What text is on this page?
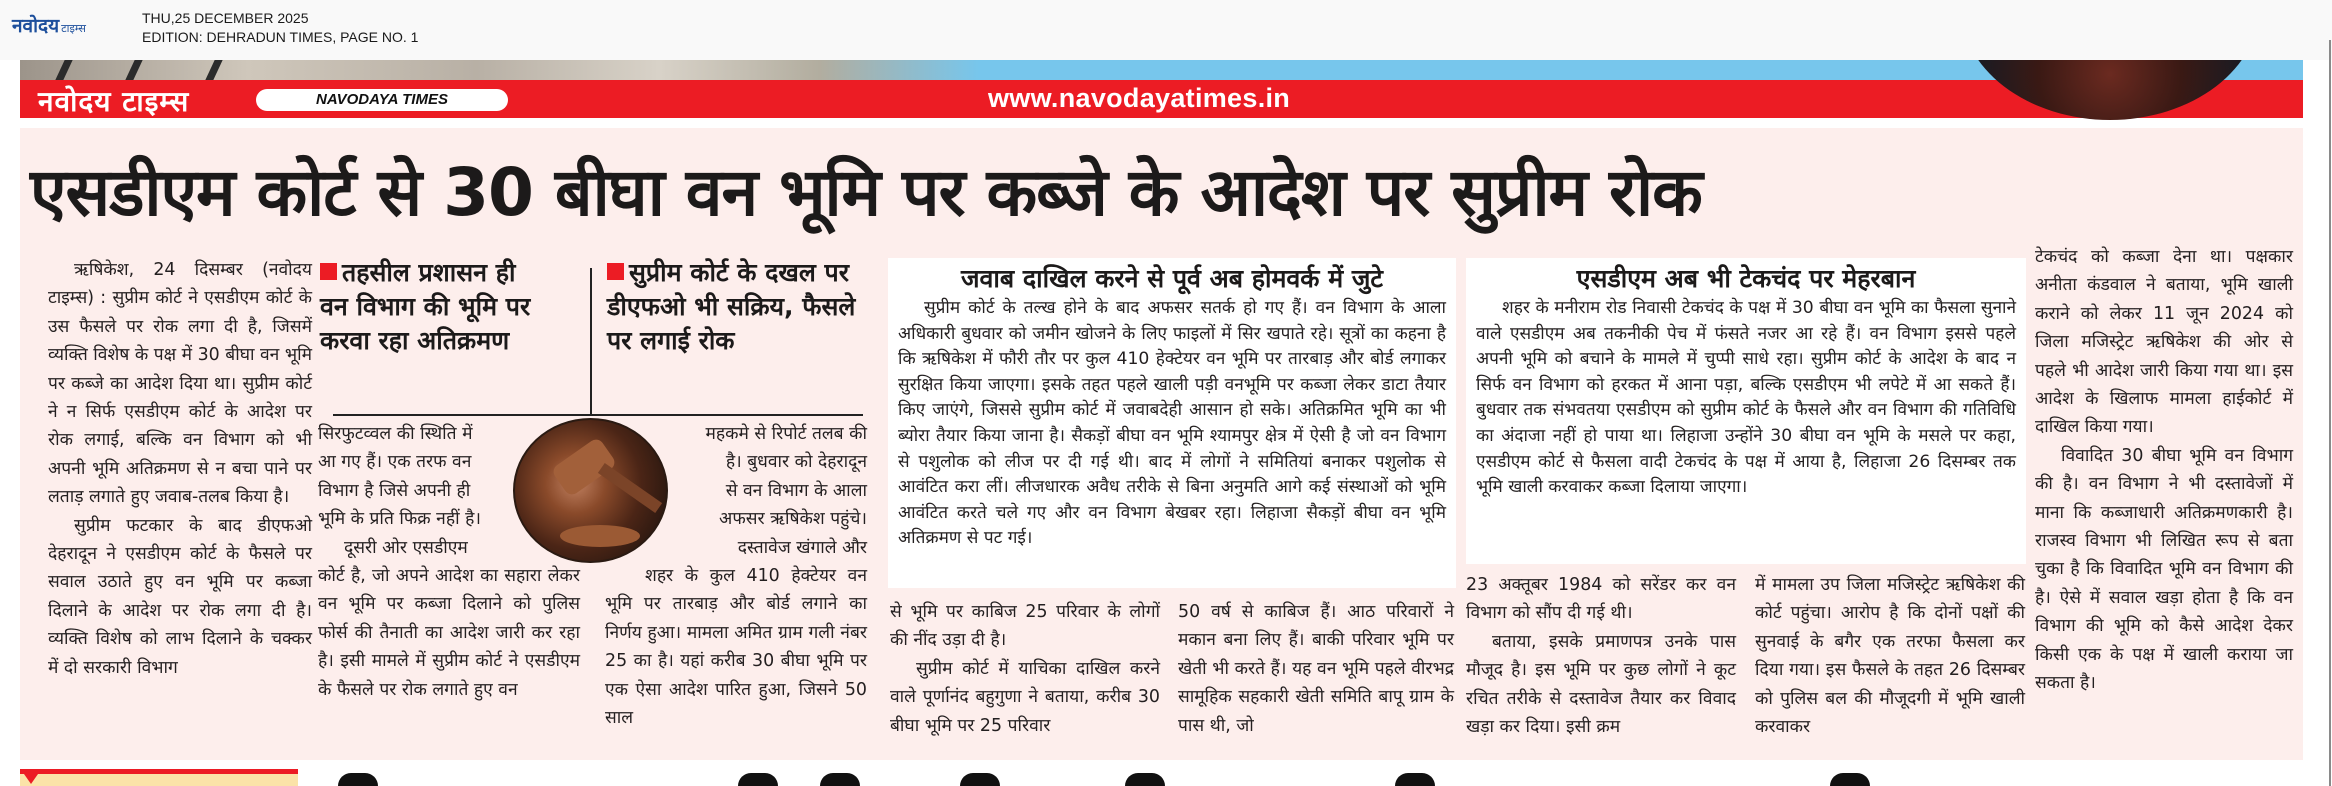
नवोदय टाइम्स
THU,25 DECEMBER 2025
EDITION: DEHRADUN TIMES, PAGE NO. 1
नवोदय टाइम्स	NAVODAYA TIMES	www.navodayatimes.in
एसडीएम कोर्ट से 30 बीघा वन भूमि पर कब्जे के आदेश पर सुप्रीम रोक

ऋषिकेश, 24 दिसम्बर (नवोदय टाइम्स) : सुप्रीम कोर्ट ने एसडीएम कोर्ट के उस फैसले पर रोक लगा दी है, जिसमें व्यक्ति विशेष के पक्ष में 30 बीघा वन भूमि पर कब्जे का आदेश दिया था। सुप्रीम कोर्ट ने न सिर्फ एसडीएम कोर्ट के आदेश पर रोक लगाई, बल्कि वन विभाग को भी अपनी भूमि अतिक्रमण से न बचा पाने पर लताड़ लगाते हुए जवाब-तलब किया है।

सुप्रीम फटकार के बाद डीएफओ देहरादून ने एसडीएम कोर्ट के फैसले पर सवाल उठाते हुए वन भूमि पर कब्जा दिलाने के आदेश पर रोक लगा दी है। व्यक्ति विशेष को लाभ दिलाने के चक्कर में दो सरकारी विभाग

तहसील प्रशासन ही वन विभाग की भूमि पर करवा रहा अतिक्रमण
सुप्रीम कोर्ट के दखल पर डीएफओ भी सक्रिय, फैसले पर लगाई रोक
सिरफुटव्वल की स्थिति में
आ गए हैं। एक तरफ वन
विभाग है जिसे अपनी ही
भूमि के प्रति फिक्र नहीं है।
दूसरी ओर एसडीएम

कोर्ट है, जो अपने आदेश का सहारा लेकर वन भूमि पर कब्जा दिलाने को पुलिस फोर्स की तैनाती का आदेश जारी कर रहा है। इसी मामले में सुप्रीम कोर्ट ने एसडीएम के फैसले पर रोक लगाते हुए वन

महकमे से रिपोर्ट तलब की
है। बुधवार को देहरादून
से वन विभाग के आला
अफसर ऋषिकेश पहुंचे।
दस्तावेज खंगाले और

शहर के कुल 410 हेक्टेयर वन भूमि पर तारबाड़ और बोर्ड लगाने का निर्णय हुआ। मामला अमित ग्राम गली नंबर 25 का है। यहां करीब 30 बीघा भूमि पर एक ऐसा आदेश पारित हुआ, जिसने 50 साल

जवाब दाखिल करने से पूर्व अब होमवर्क में जुटे

सुप्रीम कोर्ट के तल्ख होने के बाद अफसर सतर्क हो गए हैं। वन विभाग के आला अधिकारी बुधवार को जमीन खोजने के लिए फाइलों में सिर खपाते रहे। सूत्रों का कहना है कि ऋषिकेश में फौरी तौर पर कुल 410 हेक्टेयर वन भूमि पर तारबाड़ और बोर्ड लगाकर सुरक्षित किया जाएगा। इसके तहत पहले खाली पड़ी वनभूमि पर कब्जा लेकर डाटा तैयार किए जाएंगे, जिससे सुप्रीम कोर्ट में जवाबदेही आसान हो सके। अतिक्रमित भूमि का भी ब्योरा तैयार किया जाना है। सैकड़ों बीघा वन भूमि श्यामपुर क्षेत्र में ऐसी है जो वन विभाग से पशुलोक को लीज पर दी गई थी। बाद में लोगों ने समितियां बनाकर पशुलोक से आवंटित करा लीं। लीजधारक अवैध तरीके से बिना अनुमति आगे कई संस्थाओं को भूमि आवंटित करते चले गए और वन विभाग बेखबर रहा। लिहाजा सैकड़ों बीघा वन भूमि अतिक्रमण से पट गई।

एसडीएम अब भी टेकचंद पर मेहरबान

शहर के मनीराम रोड निवासी टेकचंद के पक्ष में 30 बीघा वन भूमि का फैसला सुनाने वाले एसडीएम अब तकनीकी पेच में फंसते नजर आ रहे हैं। वन विभाग इससे पहले अपनी भूमि को बचाने के मामले में चुप्पी साधे रहा। सुप्रीम कोर्ट के आदेश के बाद न सिर्फ वन विभाग को हरकत में आना पड़ा, बल्कि एसडीएम भी लपेटे में आ सकते हैं। बुधवार तक संभवतया एसडीएम को सुप्रीम कोर्ट के फैसले और वन विभाग की गतिविधि का अंदाजा नहीं हो पाया था। लिहाजा उन्होंने 30 बीघा वन भूमि के मसले पर कहा, एसडीएम कोर्ट से फैसला वादी टेकचंद के पक्ष में आया है, लिहाजा 26 दिसम्बर तक भूमि खाली करवाकर कब्जा दिलाया जाएगा।

से भूमि पर काबिज 25 परिवार के लोगों की नींद उड़ा दी है।

सुप्रीम कोर्ट में याचिका दाखिल करने वाले पूर्णानंद बहुगुणा ने बताया, करीब 30 बीघा भूमि पर 25 परिवार

50 वर्ष से काबिज हैं। आठ परिवारों ने मकान बना लिए हैं। बाकी परिवार भूमि पर खेती भी करते हैं। यह वन भूमि पहले वीरभद्र सामूहिक सहकारी खेती समिति बापू ग्राम के पास थी, जो

23 अक्तूबर 1984 को सरेंडर कर वन विभाग को सौंप दी गई थी।

बताया, इसके प्रमाणपत्र उनके पास मौजूद है। इस भूमि पर कुछ लोगों ने कूट रचित तरीके से दस्तावेज तैयार कर विवाद खड़ा कर दिया। इसी क्रम

में मामला उप जिला मजिस्ट्रेट ऋषिकेश की कोर्ट पहुंचा। आरोप है कि दोनों पक्षों की सुनवाई के बगैर एक तरफा फैसला कर दिया गया। इस फैसले के तहत 26 दिसम्बर को पुलिस बल की मौजूदगी में भूमि खाली करवाकर

टेकचंद को कब्जा देना था। पक्षकार अनीता कंडवाल ने बताया, भूमि खाली कराने को लेकर 11 जून 2024 को जिला मजिस्ट्रेट ऋषिकेश की ओर से पहले भी आदेश जारी किया गया था। इस आदेश के खिलाफ मामला हाईकोर्ट में दाखिल किया गया।

विवादित 30 बीघा भूमि वन विभाग की है। वन विभाग ने भी दस्तावेजों में माना कि कब्जाधारी अतिक्रमणकारी है। राजस्व विभाग भी लिखित रूप से बता चुका है कि विवादित भूमि वन विभाग की है। ऐसे में सवाल खड़ा होता है कि वन विभाग की भूमि को कैसे आदेश देकर किसी एक के पक्ष में खाली कराया जा सकता है।
